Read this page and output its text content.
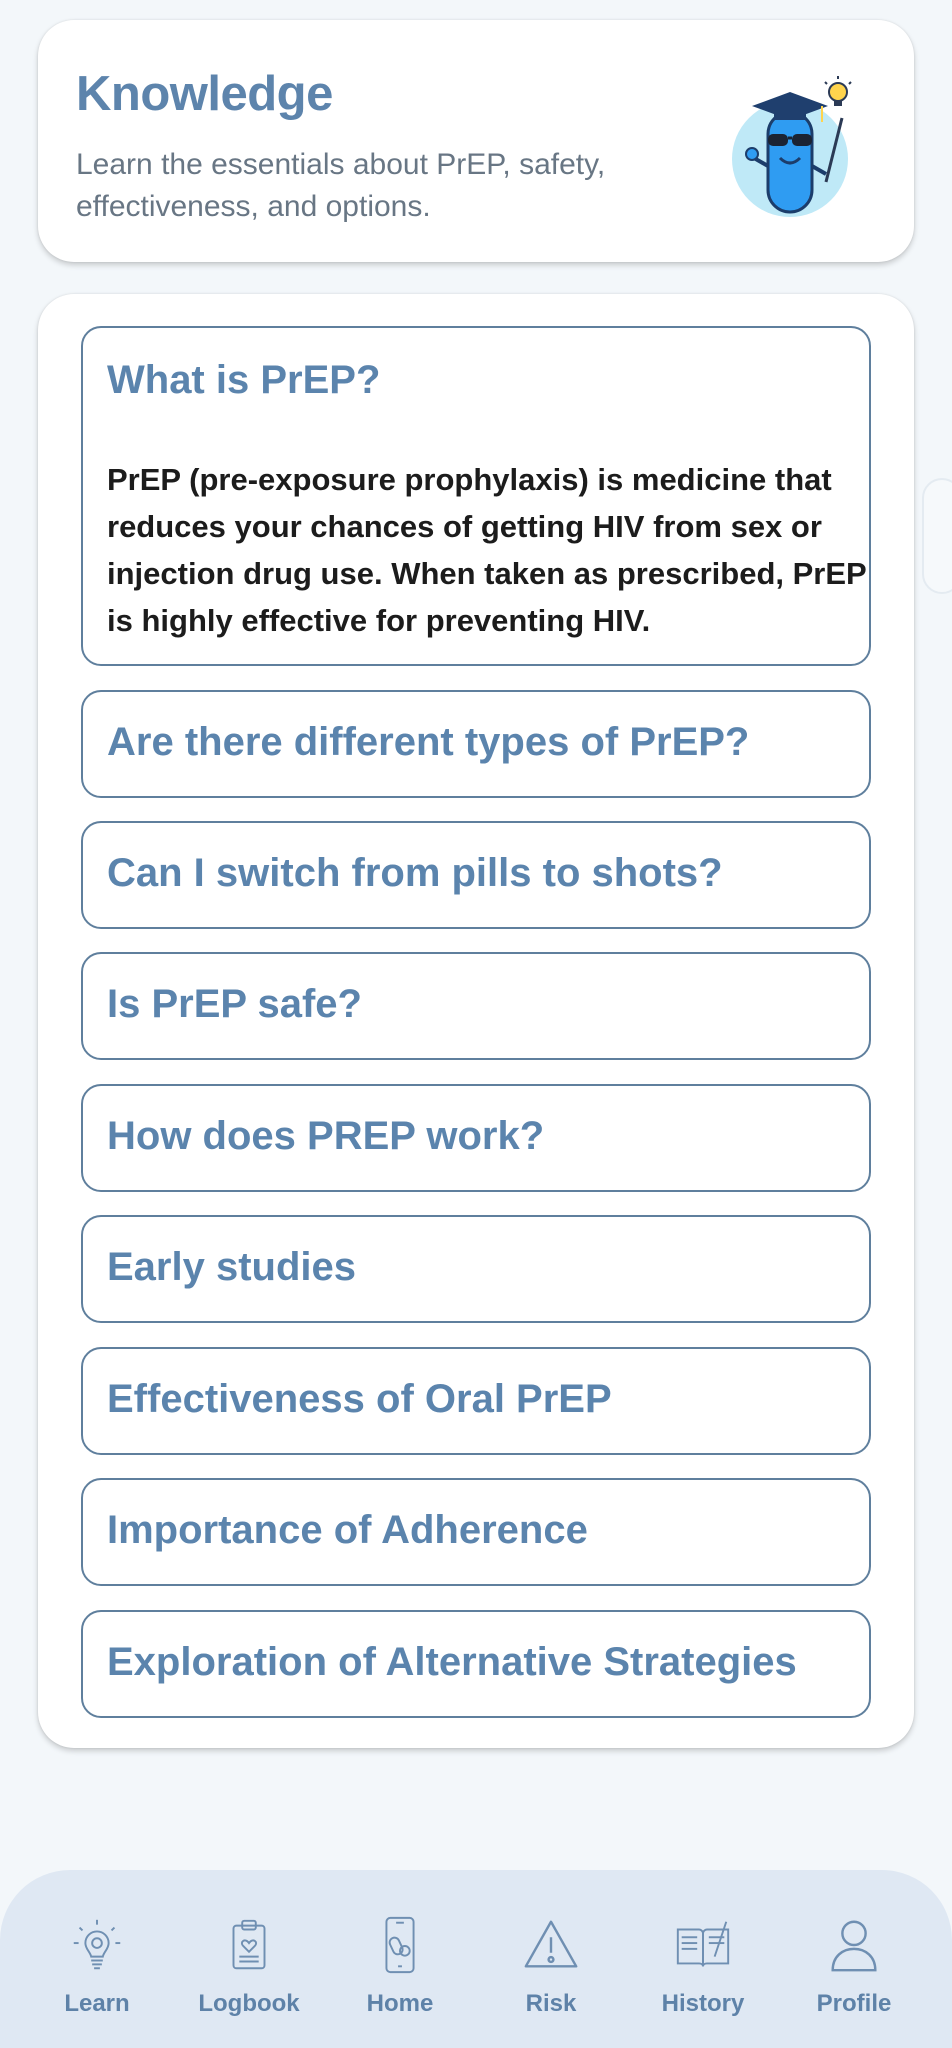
Knowledge
Learn the essentials about PrEP, safety, effectiveness, and options.
What is PrEP?
PrEP (pre-exposure prophylaxis) is medicine that reduces your chances of getting HIV from sex or injection drug use. When taken as prescribed, PrEP is highly effective for preventing HIV.
Are there different types of PrEP?
Can I switch from pills to shots?
Is PrEP safe?
How does PREP work?
Early studies
Effectiveness of Oral PrEP
Importance of Adherence
Exploration of Alternative Strategies
Learn	Logbook	Home	Risk	History	Profile
